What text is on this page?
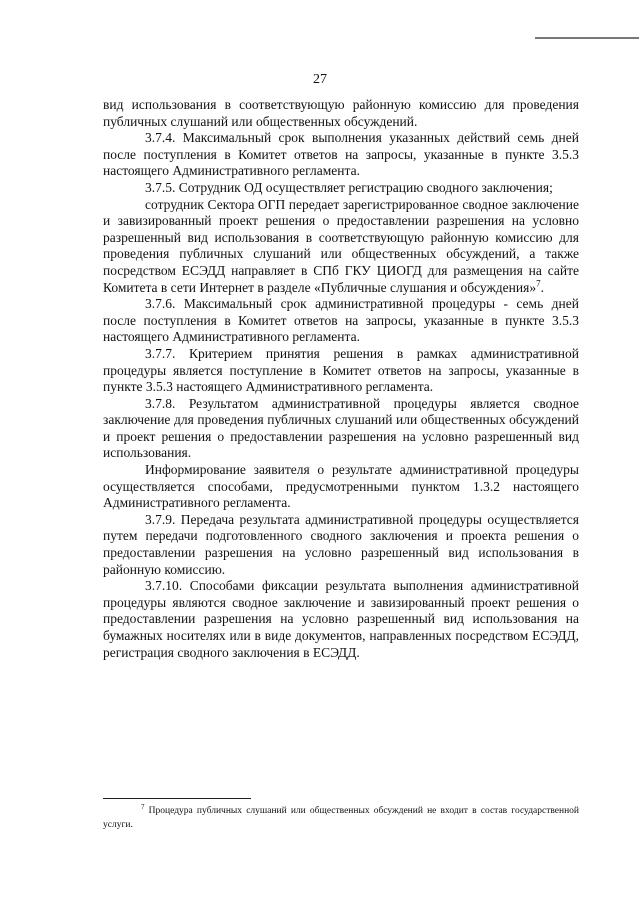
27

вид использования в соответствующую районную комиссию для проведения публичных слушаний или общественных обсуждений.

3.7.4. Максимальный срок выполнения указанных действий семь дней после поступления в Комитет ответов на запросы, указанные в пункте 3.5.3 настоящего Административного регламента.

3.7.5. Сотрудник ОД осуществляет регистрацию сводного заключения;

сотрудник Сектора ОГП передает зарегистрированное сводное заключение и завизированный проект решения о предоставлении разрешения на условно разрешенный вид использования в соответствующую районную комиссию для проведения публичных слушаний или общественных обсуждений, а также посредством ЕСЭДД направляет в СПб ГКУ ЦИОГД для размещения на сайте Комитета в сети Интернет в разделе «Публичные слушания и обсуждения»$^7$.

3.7.6. Максимальный срок административной процедуры - семь дней после поступления в Комитет ответов на запросы, указанные в пункте 3.5.3 настоящего Административного регламента.

3.7.7. Критерием принятия решения в рамках административной процедуры является поступление в Комитет ответов на запросы, указанные в пункте 3.5.3 настоящего Административного регламента.

3.7.8. Результатом административной процедуры является сводное заключение для проведения публичных слушаний или общественных обсуждений и проект решения о предоставлении разрешения на условно разрешенный вид использования.

Информирование заявителя о результате административной процедуры осуществляется способами, предусмотренными пунктом 1.3.2 настоящего Административного регламента.

3.7.9. Передача результата административной процедуры осуществляется путем передачи подготовленного сводного заключения и проекта решения о предоставлении разрешения на условно разрешенный вид использования в районную комиссию.

3.7.10. Способами фиксации результата выполнения административной процедуры являются сводное заключение и завизированный проект решения о предоставлении разрешения на условно разрешенный вид использования на бумажных носителях или в виде документов, направленных посредством ЕСЭДД, регистрация сводного заключения в ЕСЭДД.

$^7$ Процедура публичных слушаний или общественных обсуждений не входит в состав государственной услуги.
